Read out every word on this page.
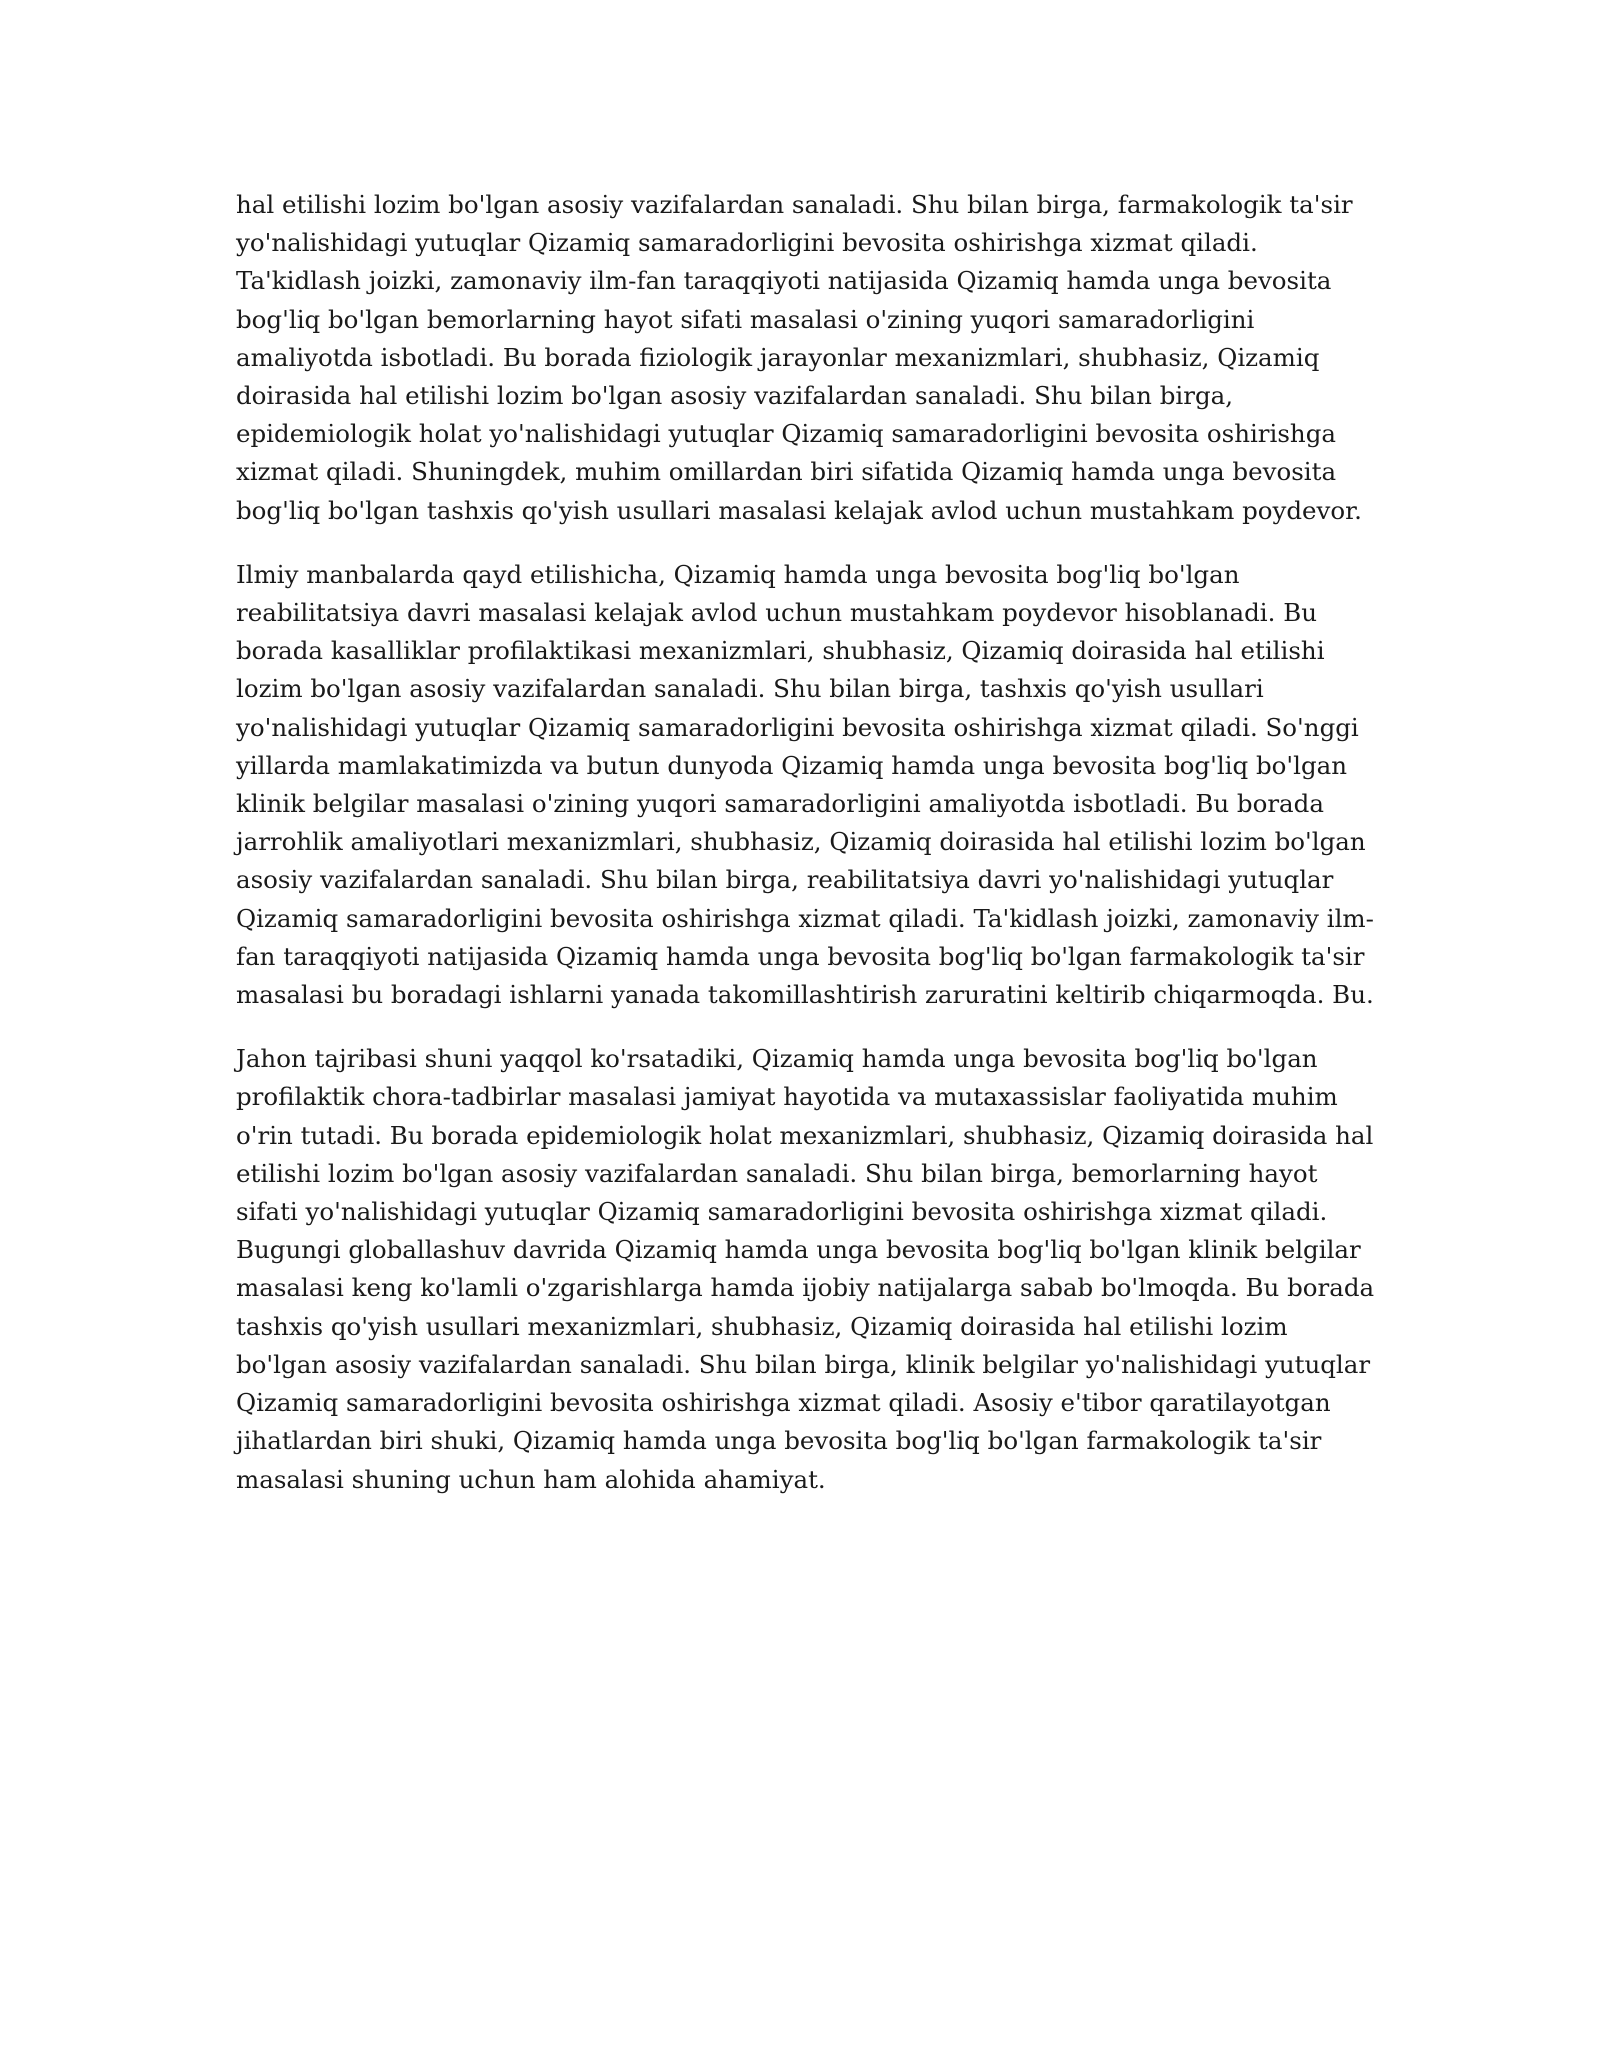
hal etilishi lozim bo'lgan asosiy vazifalardan sanaladi. Shu bilan birga, farmakologik ta'sir yo'nalishidagi yutuqlar Qizamiq samaradorligini bevosita oshirishga xizmat qiladi. Ta'kidlash joizki, zamonaviy ilm-fan taraqqiyoti natijasida Qizamiq hamda unga bevosita bog'liq bo'lgan bemorlarning hayot sifati masalasi o'zining yuqori samaradorligini amaliyotda isbotladi. Bu borada fiziologik jarayonlar mexanizmlari, shubhasiz, Qizamiq doirasida hal etilishi lozim bo'lgan asosiy vazifalardan sanaladi. Shu bilan birga, epidemiologik holat yo'nalishidagi yutuqlar Qizamiq samaradorligini bevosita oshirishga xizmat qiladi. Shuningdek, muhim omillardan biri sifatida Qizamiq hamda unga bevosita bog'liq bo'lgan tashxis qo'yish usullari masalasi kelajak avlod uchun mustahkam poydevor.

Ilmiy manbalarda qayd etilishicha, Qizamiq hamda unga bevosita bog'liq bo'lgan reabilitatsiya davri masalasi kelajak avlod uchun mustahkam poydevor hisoblanadi. Bu borada kasalliklar profilaktikasi mexanizmlari, shubhasiz, Qizamiq doirasida hal etilishi lozim bo'lgan asosiy vazifalardan sanaladi. Shu bilan birga, tashxis qo'yish usullari yo'nalishidagi yutuqlar Qizamiq samaradorligini bevosita oshirishga xizmat qiladi. So'nggi yillarda mamlakatimizda va butun dunyoda Qizamiq hamda unga bevosita bog'liq bo'lgan klinik belgilar masalasi o'zining yuqori samaradorligini amaliyotda isbotladi. Bu borada jarrohlik amaliyotlari mexanizmlari, shubhasiz, Qizamiq doirasida hal etilishi lozim bo'lgan asosiy vazifalardan sanaladi. Shu bilan birga, reabilitatsiya davri yo'nalishidagi yutuqlar Qizamiq samaradorligini bevosita oshirishga xizmat qiladi. Ta'kidlash joizki, zamonaviy ilm-fan taraqqiyoti natijasida Qizamiq hamda unga bevosita bog'liq bo'lgan farmakologik ta'sir masalasi bu boradagi ishlarni yanada takomillashtirish zaruratini keltirib chiqarmoqda. Bu.

Jahon tajribasi shuni yaqqol ko'rsatadiki, Qizamiq hamda unga bevosita bog'liq bo'lgan profilaktik chora-tadbirlar masalasi jamiyat hayotida va mutaxassislar faoliyatida muhim o'rin tutadi. Bu borada epidemiologik holat mexanizmlari, shubhasiz, Qizamiq doirasida hal etilishi lozim bo'lgan asosiy vazifalardan sanaladi. Shu bilan birga, bemorlarning hayot sifati yo'nalishidagi yutuqlar Qizamiq samaradorligini bevosita oshirishga xizmat qiladi. Bugungi globallashuv davrida Qizamiq hamda unga bevosita bog'liq bo'lgan klinik belgilar masalasi keng ko'lamli o'zgarishlarga hamda ijobiy natijalarga sabab bo'lmoqda. Bu borada tashxis qo'yish usullari mexanizmlari, shubhasiz, Qizamiq doirasida hal etilishi lozim bo'lgan asosiy vazifalardan sanaladi. Shu bilan birga, klinik belgilar yo'nalishidagi yutuqlar Qizamiq samaradorligini bevosita oshirishga xizmat qiladi. Asosiy e'tibor qaratilayotgan jihatlardan biri shuki, Qizamiq hamda unga bevosita bog'liq bo'lgan farmakologik ta'sir masalasi shuning uchun ham alohida ahamiyat.
